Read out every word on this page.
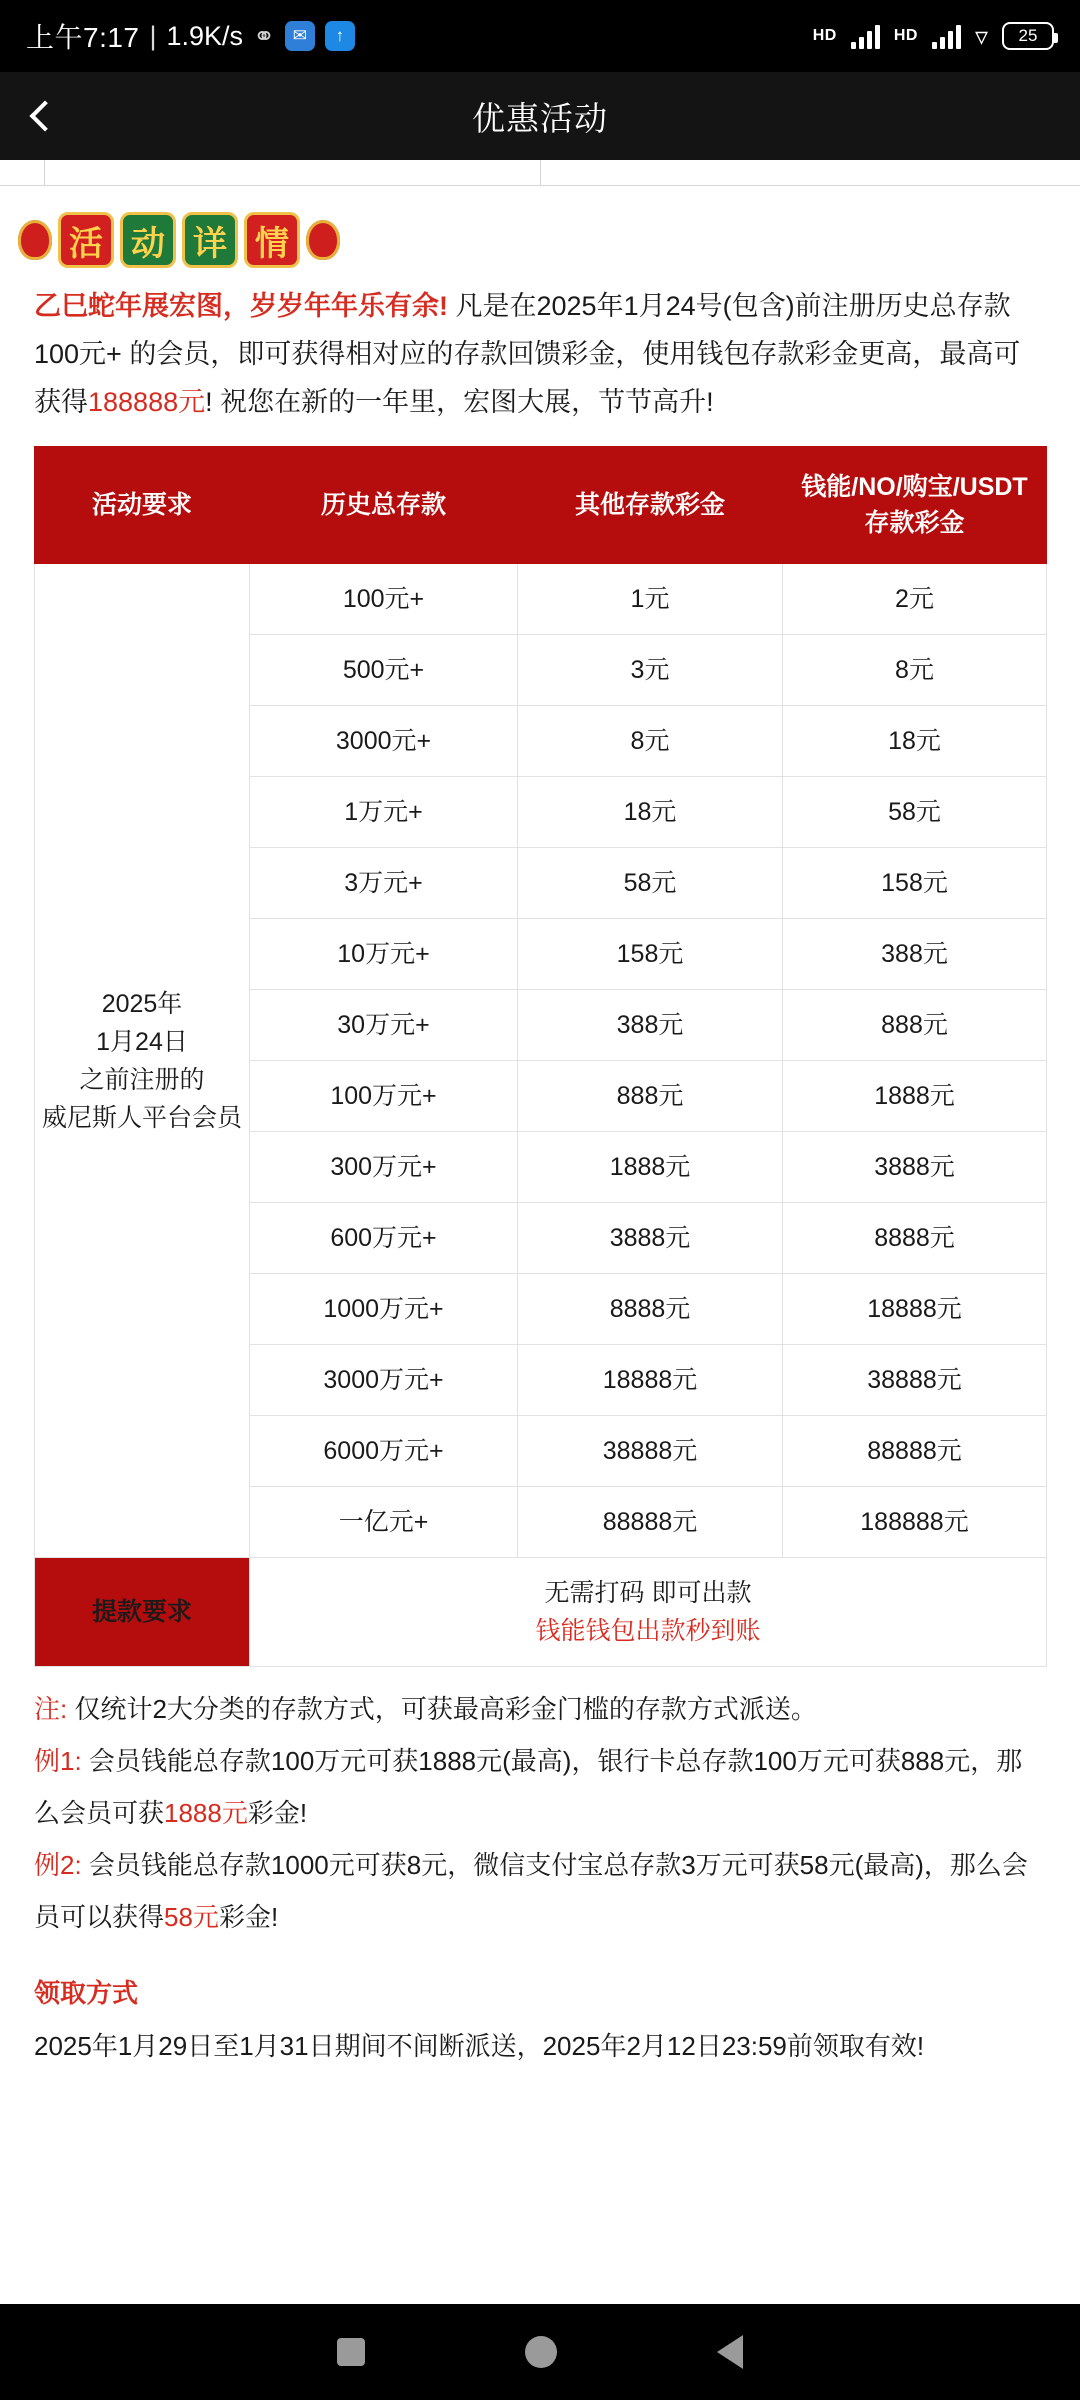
上午7:17 | 1.9K/s ⚭	✉	↑	HD	HD ▿	25
优惠活动
活 动 详 情
乙巳蛇年展宏图，岁岁年年乐有余! 凡是在2025年1月24号(包含)前注册历史总存款100元+ 的会员，即可获得相对应的存款回馈彩金，使用钱包存款彩金更高，最高可获得188888元! 祝您在新的一年里，宏图大展，节节高升!
活动要求	历史总存款	其他存款彩金	钱能/NO/购宝/USDT存款彩金
2025年
1月24日
之前注册的
威尼斯人平台会员	100元+	1元	2元
	500元+	3元	8元
	3000元+	8元	18元
	1万元+	18元	58元
	3万元+	58元	158元
	10万元+	158元	388元
	30万元+	388元	888元
	100万元+	888元	1888元
	300万元+	1888元	3888元
	600万元+	3888元	8888元
	1000万元+	8888元	18888元
	3000万元+	18888元	38888元
	6000万元+	38888元	88888元
	一亿元+	88888元	188888元
提款要求	无需打码 即可出款
钱能钱包出款秒到账		
注: 仅统计2大分类的存款方式，可获最高彩金门槛的存款方式派送。
例1: 会员钱能总存款100万元可获1888元(最高)，银行卡总存款100万元可获888元，那么会员可获1888元彩金!
例2: 会员钱能总存款1000元可获8元，微信支付宝总存款3万元可获58元(最高)，那么会员可以获得58元彩金!
领取方式
2025年1月29日至1月31日期间不间断派送，2025年2月12日23:59前领取有效!
